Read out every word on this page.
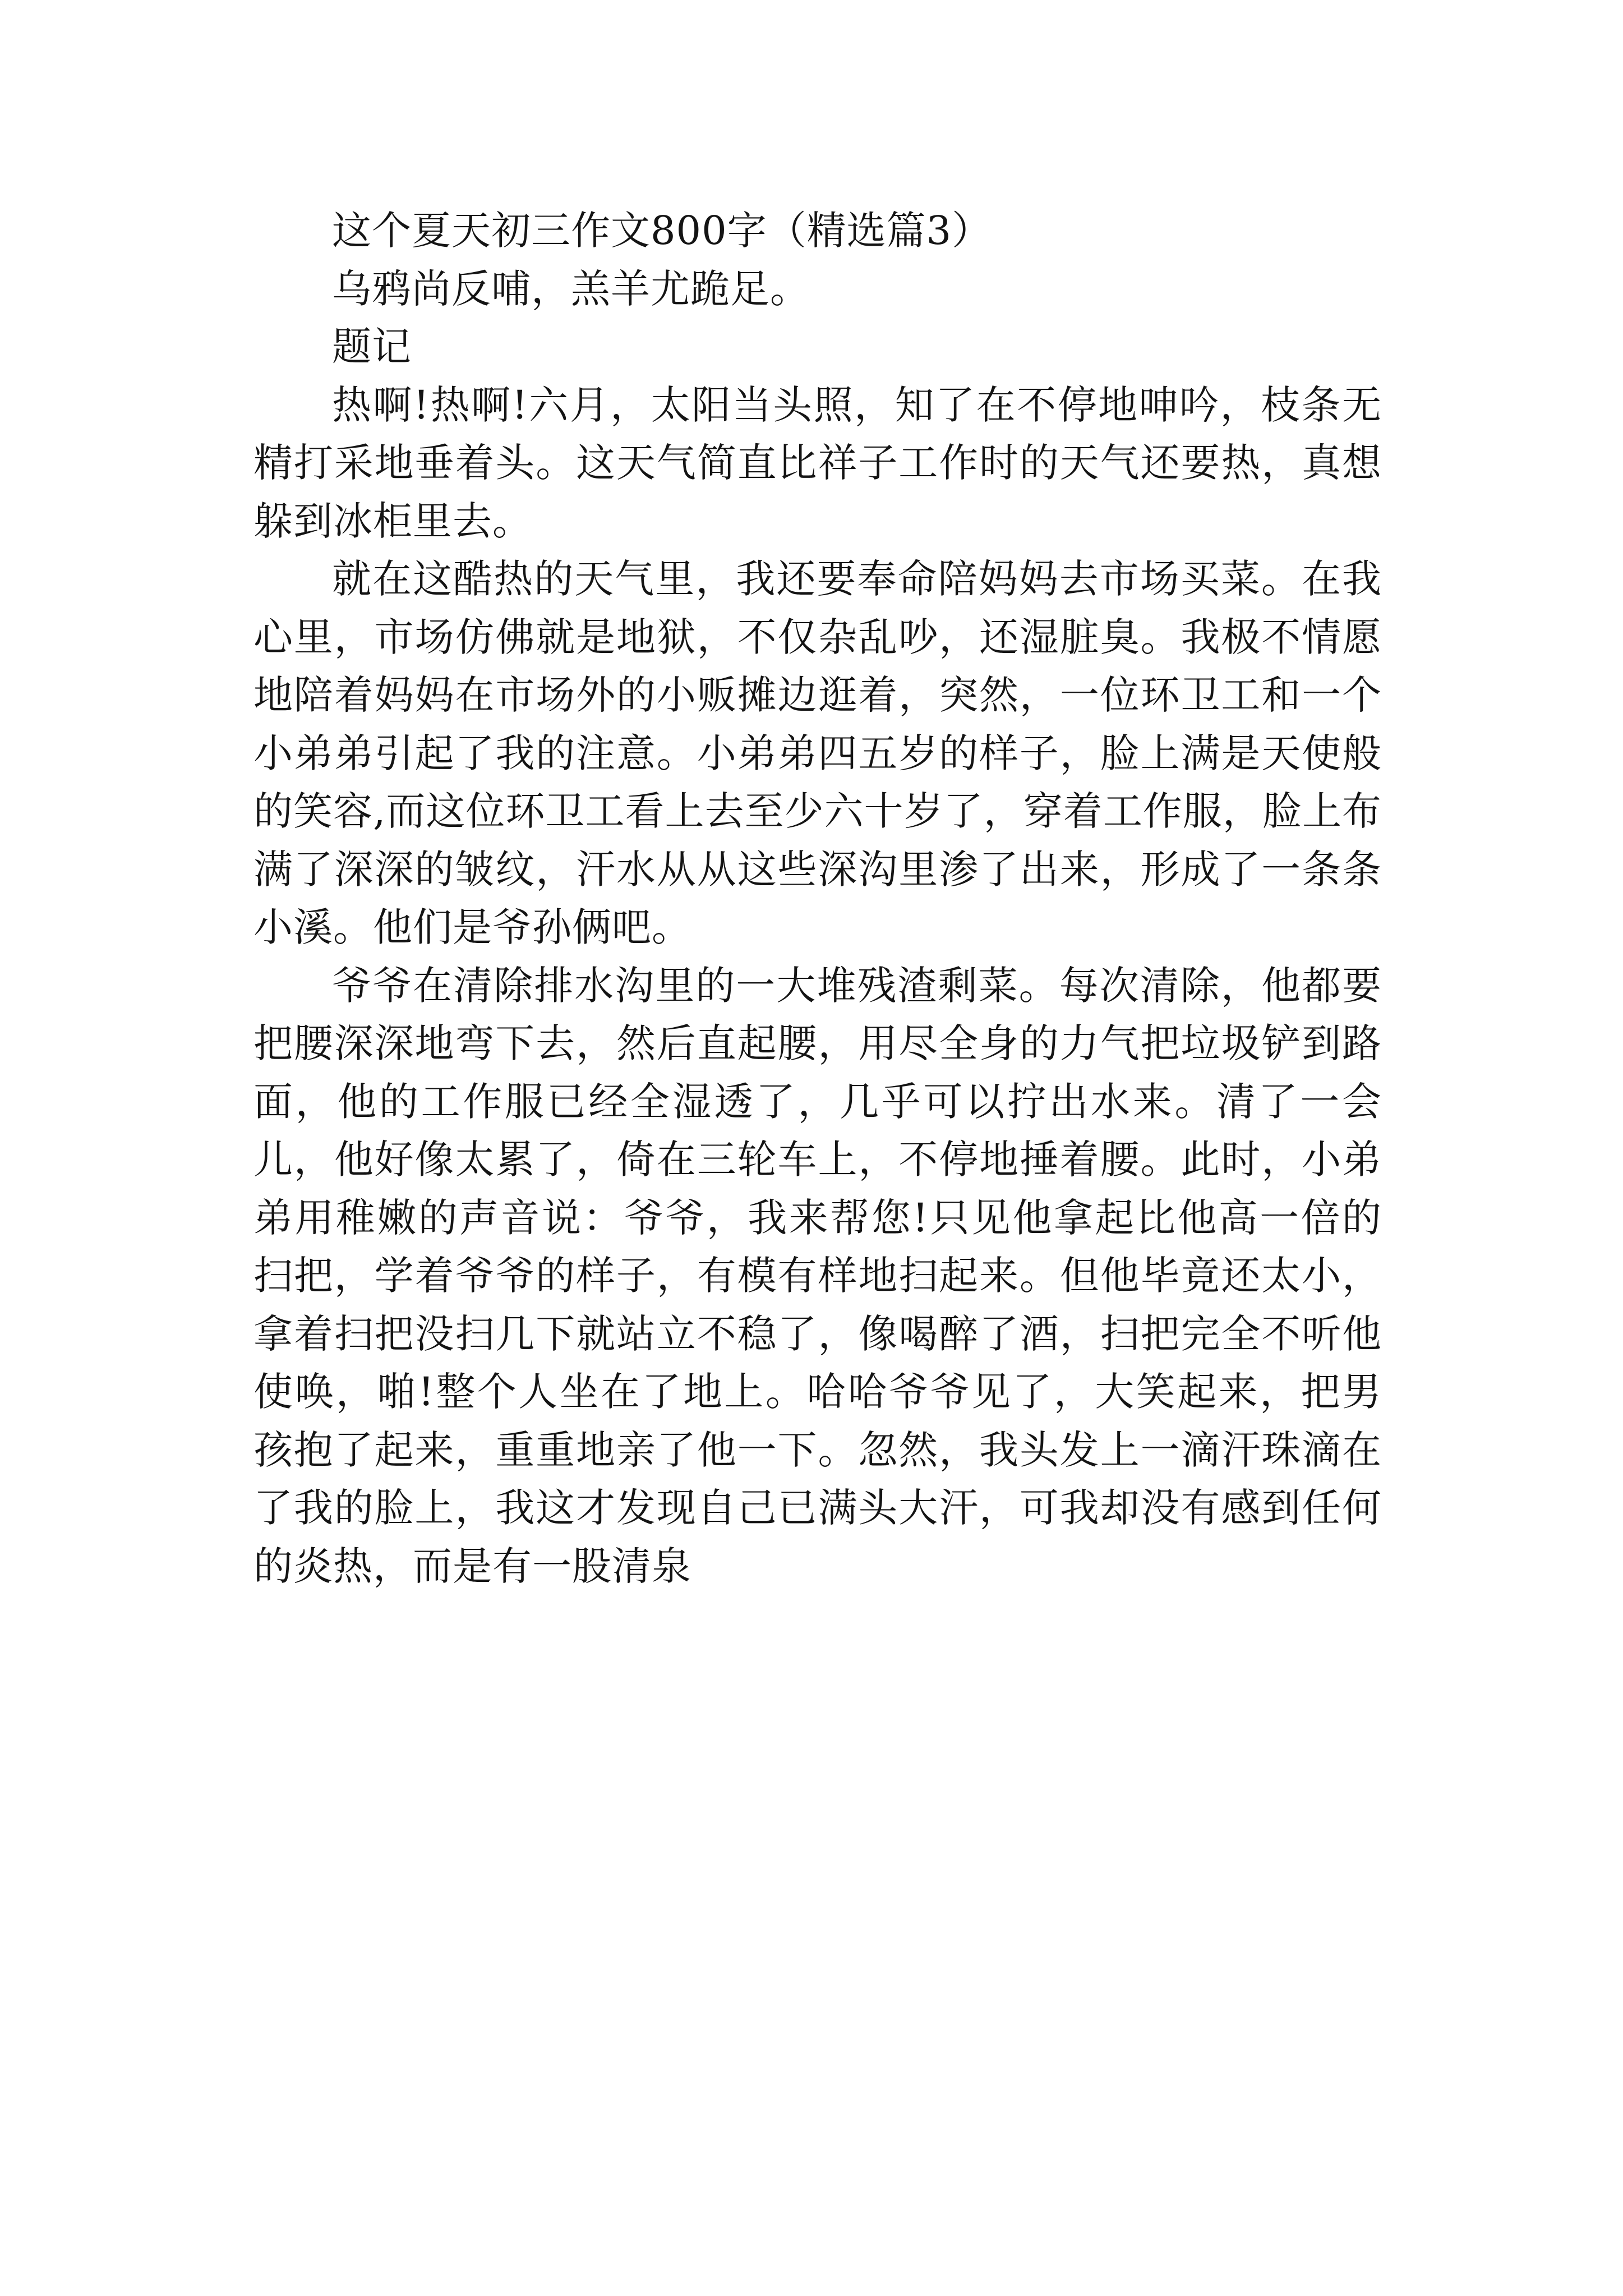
这个夏天初三作文800字（精选篇3）

乌鸦尚反哺，羔羊尤跪足。

题记

热啊!热啊!六月，太阳当头照，知了在不停地呻吟，枝条无精打采地垂着头。这天气简直比祥子工作时的天气还要热，真想躲到冰柜里去。

就在这酷热的天气里，我还要奉命陪妈妈去市场买菜。在我心里，市场仿佛就是地狱，不仅杂乱吵，还湿脏臭。我极不情愿地陪着妈妈在市场外的小贩摊边逛着，突然，一位环卫工和一个小弟弟引起了我的注意。小弟弟四五岁的样子，脸上满是天使般的笑容,而这位环卫工看上去至少六十岁了，穿着工作服，脸上布满了深深的皱纹，汗水从从这些深沟里渗了出来，形成了一条条小溪。他们是爷孙俩吧。

爷爷在清除排水沟里的一大堆残渣剩菜。每次清除，他都要把腰深深地弯下去，然后直起腰，用尽全身的力气把垃圾铲到路面，他的工作服已经全湿透了，几乎可以拧出水来。清了一会儿，他好像太累了，倚在三轮车上，不停地捶着腰。此时，小弟弟用稚嫩的声音说：爷爷，我来帮您!只见他拿起比他高一倍的扫把，学着爷爷的样子，有模有样地扫起来。但他毕竟还太小，拿着扫把没扫几下就站立不稳了，像喝醉了酒，扫把完全不听他使唤，啪!整个人坐在了地上。哈哈爷爷见了，大笑起来，把男孩抱了起来，重重地亲了他一下。忽然，我头发上一滴汗珠滴在了我的脸上，我这才发现自己已满头大汗，可我却没有感到任何的炎热，而是有一股清泉
